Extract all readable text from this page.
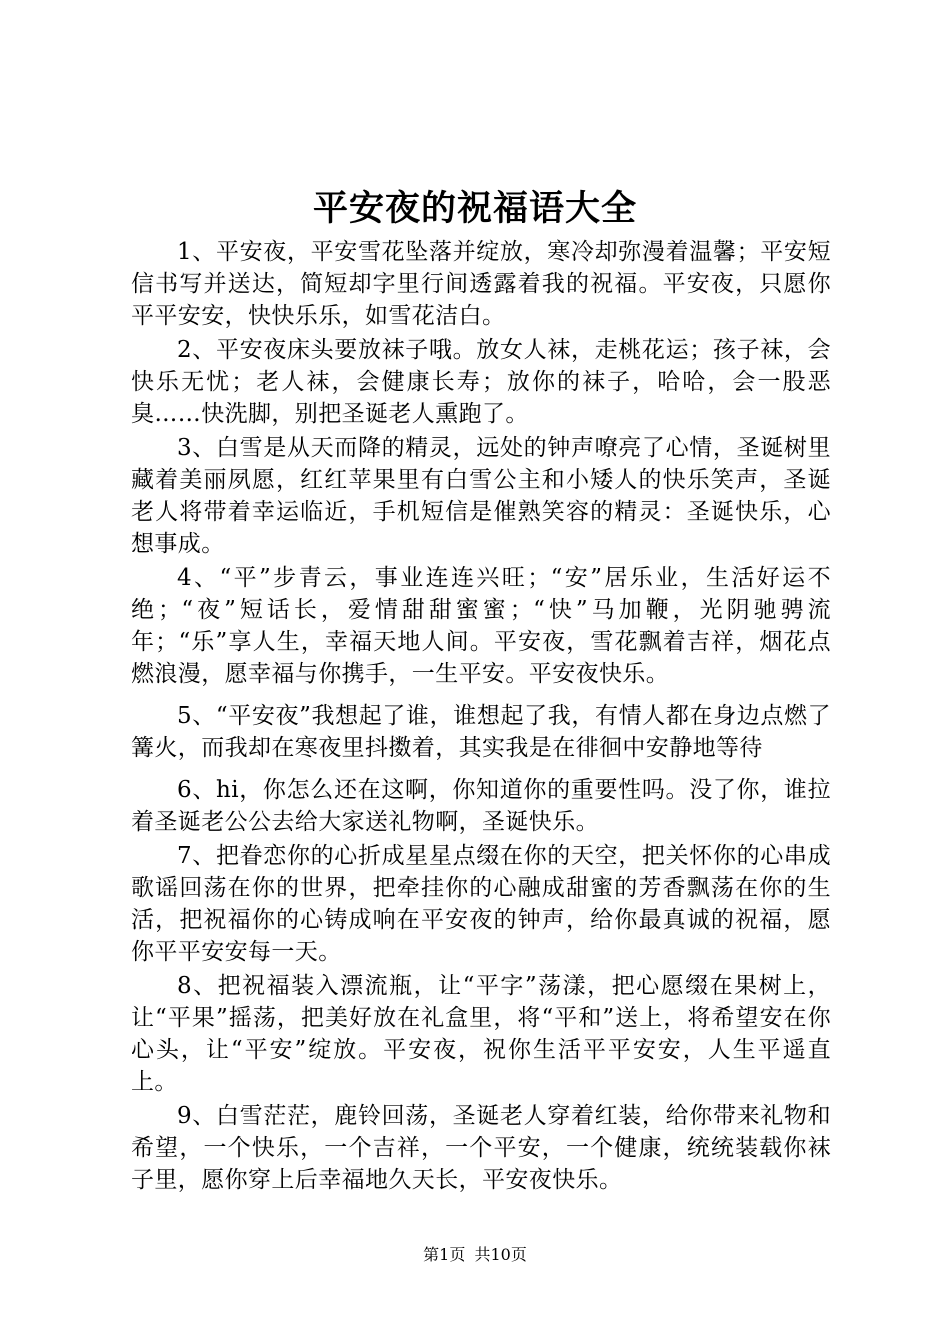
平安夜的祝福语大全

1、平安夜，平安雪花坠落并绽放，寒冷却弥漫着温馨；平安短信书写并送达，简短却字里行间透露着我的祝福。平安夜，只愿你平平安安，快快乐乐，如雪花洁白。

2、平安夜床头要放袜子哦。放女人袜，走桃花运；孩子袜，会快乐无忧；老人袜，会健康长寿；放你的袜子，哈哈，会一股恶臭……快洗脚，别把圣诞老人熏跑了。

3、白雪是从天而降的精灵，远处的钟声嘹亮了心情，圣诞树里藏着美丽夙愿，红红苹果里有白雪公主和小矮人的快乐笑声，圣诞老人将带着幸运临近，手机短信是催熟笑容的精灵：圣诞快乐，心想事成。

4、“平”步青云，事业连连兴旺；“安”居乐业，生活好运不绝；“夜”短话长，爱情甜甜蜜蜜；“快”马加鞭，光阴驰骋流年；“乐”享人生，幸福天地人间。平安夜，雪花飘着吉祥，烟花点燃浪漫，愿幸福与你携手，一生平安。平安夜快乐。

5、“平安夜”我想起了谁，谁想起了我，有情人都在身边点燃了篝火，而我却在寒夜里抖擞着，其实我是在徘徊中安静地等待

6、hi，你怎么还在这啊，你知道你的重要性吗。没了你，谁拉着圣诞老公公去给大家送礼物啊，圣诞快乐。

7、把眷恋你的心折成星星点缀在你的天空，把关怀你的心串成歌谣回荡在你的世界，把牵挂你的心融成甜蜜的芳香飘荡在你的生活，把祝福你的心铸成响在平安夜的钟声，给你最真诚的祝福，愿你平平安安每一天。

8、把祝福装入漂流瓶，让“平字”荡漾，把心愿缀在果树上，让“平果”摇荡，把美好放在礼盒里，将“平和”送上，将希望安在你心头，让“平安”绽放。平安夜，祝你生活平平安安，人生平遥直上。

9、白雪茫茫，鹿铃回荡，圣诞老人穿着红装，给你带来礼物和希望，一个快乐，一个吉祥，一个平安，一个健康，统统装载你袜子里，愿你穿上后幸福地久天长，平安夜快乐。

第1页 共10页
